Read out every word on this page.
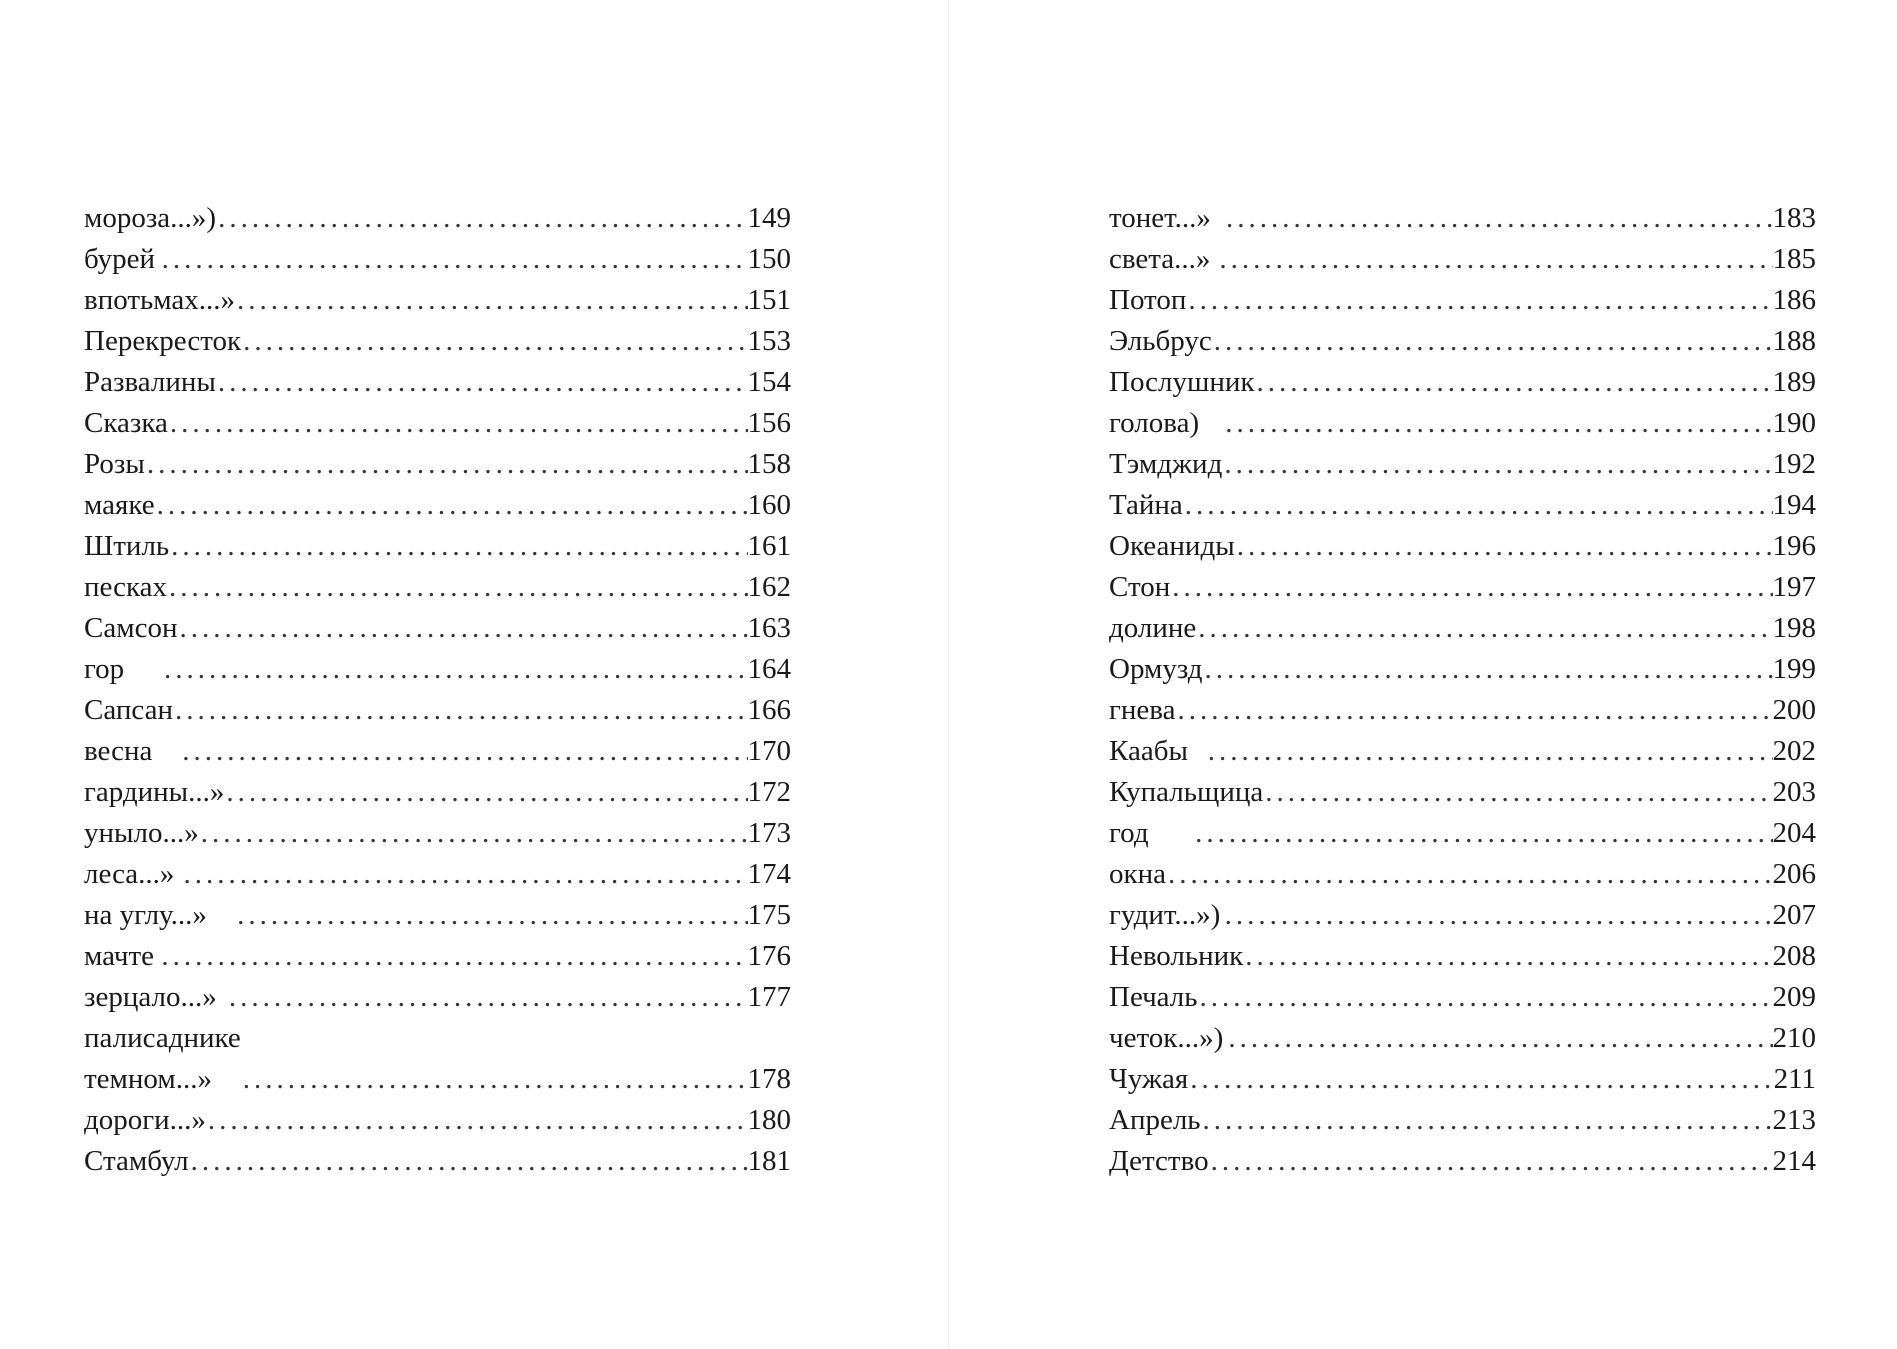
мороза...») .....	149
бурей .....	150
впотьмах...» .....	151
Перекресток .....	153
Развалины .....	154
Сказка .....	156
Розы .....	158
маяке .....	160
Штиль .....	161
песках .....	162
Самсон .....	163
гор .....	164
Сапсан .....	166
весна .....	170
гардины...» .....	172
уныло...» .....	173
леса...» .....	174
на углу...» .....	175
мачте .....	176
зерцало...» .....	177
палисаднике темном...» .....	178
дороги...» .....	180
Стамбул .....	181
тонет...» .....	183
света...» .....	185
Потоп .....	186
Эльбрус .....	188
Послушник .....	189
голова) .....	190
Тэмджид .....	192
Тайна .....	194
Океаниды .....	196
Стон .....	197
долине .....	198
Ормузд .....	199
гнева .....	200
Каабы .....	202
Купальщица .....	203
год .....	204
окна .....	206
гудит...») .....	207
Невольник .....	208
Печаль .....	209
четок...») .....	210
Чужая .....	211
Апрель .....	213
Детство .....	214
